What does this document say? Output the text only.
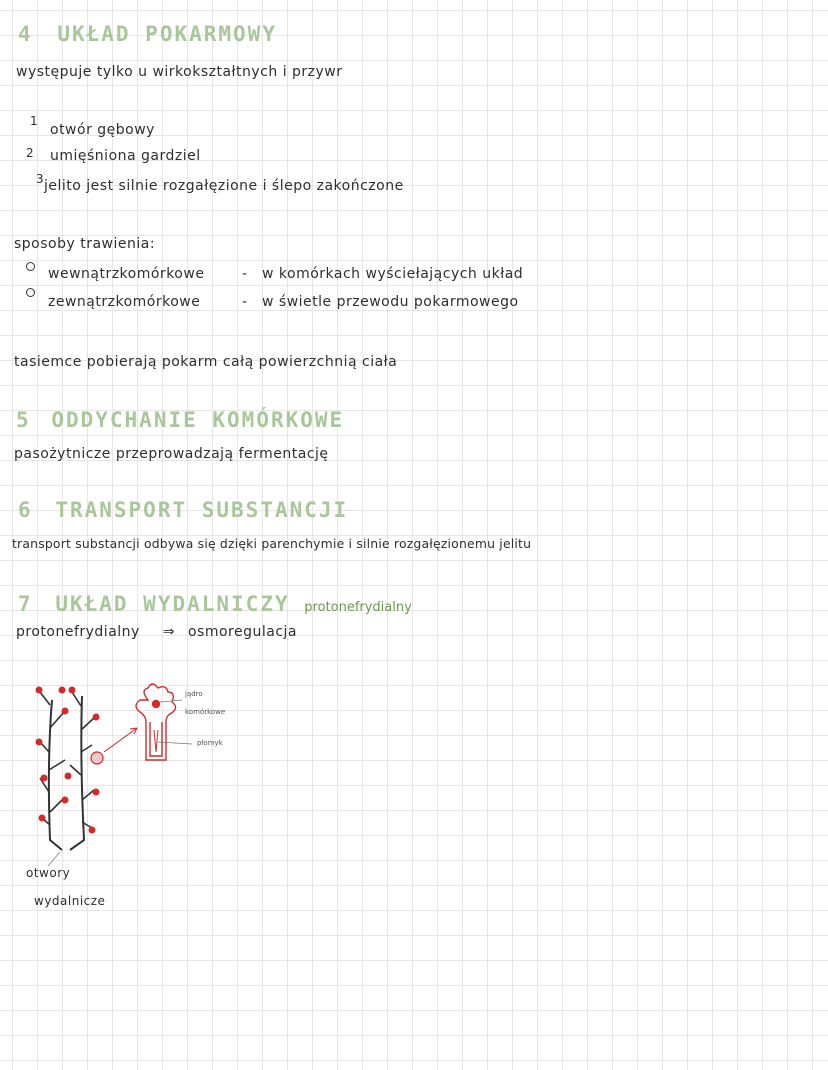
4 UKŁAD POKARMOWY
występuje tylko u wirkokształtnych i przywr
1
otwór gębowy
2 umięśniona gardziel
3 jelito jest silnie rozgałęzione i ślepo zakończone
sposoby trawienia:
wewnątrzkomórkowe	- w komórkach wyściełających układ
zewnątrzkomórkowe	- w świetle przewodu pokarmowego
tasiemce pobierają pokarm całą powierzchnią ciała
5 ODDYCHANIE KOMÓRKOWE
pasożytnicze przeprowadzają fermentację
6 TRANSPORT SUBSTANCJI
transport substancji odbywa się dzięki parenchymie i silnie rozgałęzionemu jelitu
7 UKŁAD WYDALNICZY protonefrydialny
protonefrydialny ⇒ osmoregulacja
jądro
komórkowe
płomyk
otwory
wydalnicze
